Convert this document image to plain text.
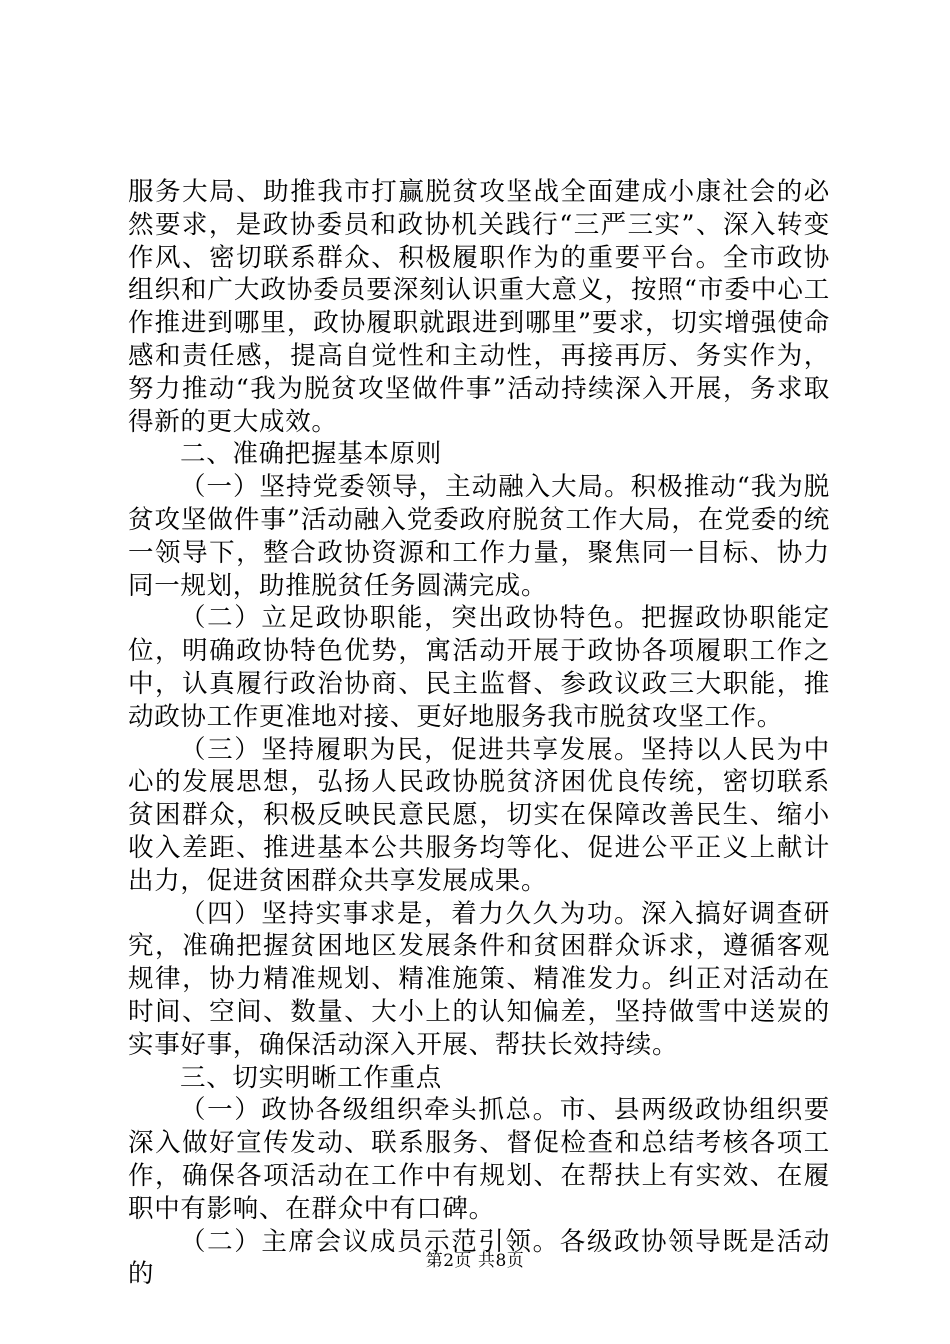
服务大局、助推我市打赢脱贫攻坚战全面建成小康社会的必然要求，是政协委员和政协机关践行“三严三实”、深入转变作风、密切联系群众、积极履职作为的重要平台。全市政协组织和广大政协委员要深刻认识重大意义，按照“市委中心工作推进到哪里，政协履职就跟进到哪里”要求，切实增强使命感和责任感，提高自觉性和主动性，再接再厉、务实作为，努力推动“我为脱贫攻坚做件事”活动持续深入开展，务求取得新的更大成效。

二、准确把握基本原则

（一）坚持党委领导，主动融入大局。积极推动“我为脱贫攻坚做件事”活动融入党委政府脱贫工作大局，在党委的统一领导下，整合政协资源和工作力量，聚焦同一目标、协力同一规划，助推脱贫任务圆满完成。

（二）立足政协职能，突出政协特色。把握政协职能定位，明确政协特色优势，寓活动开展于政协各项履职工作之中，认真履行政治协商、民主监督、参政议政三大职能，推动政协工作更准地对接、更好地服务我市脱贫攻坚工作。

（三）坚持履职为民，促进共享发展。坚持以人民为中心的发展思想，弘扬人民政协脱贫济困优良传统，密切联系贫困群众，积极反映民意民愿，切实在保障改善民生、缩小收入差距、推进基本公共服务均等化、促进公平正义上献计出力，促进贫困群众共享发展成果。

（四）坚持实事求是，着力久久为功。深入搞好调查研究，准确把握贫困地区发展条件和贫困群众诉求，遵循客观规律，协力精准规划、精准施策、精准发力。纠正对活动在时间、空间、数量、大小上的认知偏差，坚持做雪中送炭的实事好事，确保活动深入开展、帮扶长效持续。

三、切实明晰工作重点

（一）政协各级组织牵头抓总。市、县两级政协组织要深入做好宣传发动、联系服务、督促检查和总结考核各项工作，确保各项活动在工作中有规划、在帮扶上有实效、在履职中有影响、在群众中有口碑。

（二）主席会议成员示范引领。各级政协领导既是活动的	第2页 共8页
